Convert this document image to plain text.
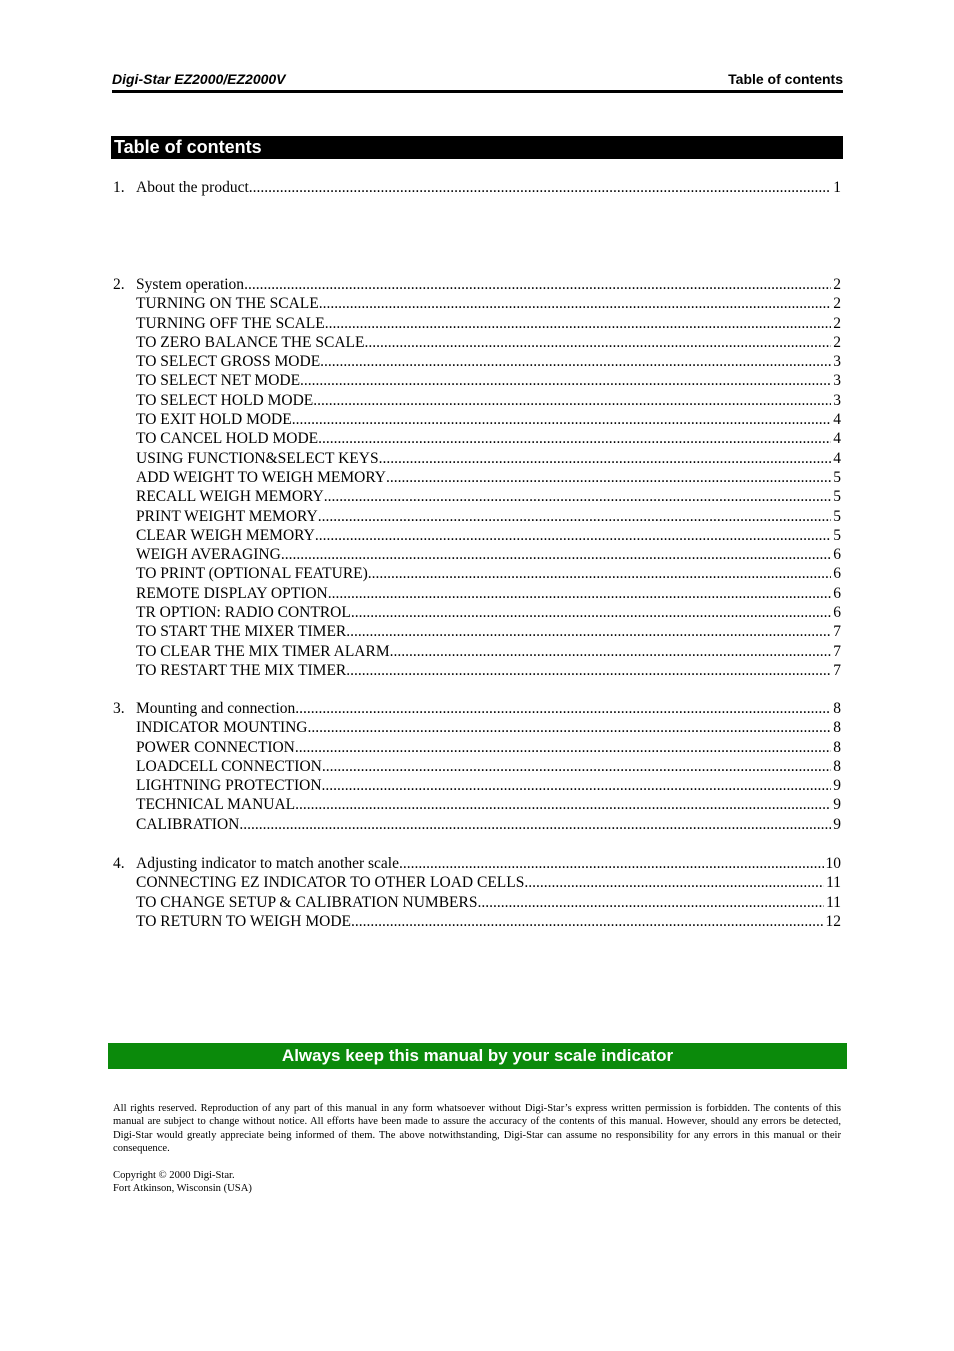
Digi-Star EZ2000/EZ2000V	Table of contents
Table of contents
1. About the product .....	1
2. System operation .....	2
TURNING ON THE SCALE .....	2
TURNING OFF THE SCALE .....	2
TO ZERO BALANCE THE SCALE .....	2
TO SELECT GROSS MODE .....	3
TO SELECT NET MODE .....	3
TO SELECT HOLD MODE .....	3
TO EXIT HOLD MODE .....	4
TO CANCEL HOLD MODE .....	4
USING FUNCTION&SELECT KEYS .....	4
ADD WEIGHT TO WEIGH MEMORY .....	5
RECALL WEIGH MEMORY .....	5
PRINT WEIGHT MEMORY .....	5
CLEAR WEIGH MEMORY .....	5
WEIGH AVERAGING .....	6
TO PRINT (OPTIONAL FEATURE) .....	6
REMOTE DISPLAY OPTION .....	6
TR OPTION: RADIO CONTROL .....	6
TO START THE MIXER TIMER .....	7
TO CLEAR THE MIX TIMER ALARM .....	7
TO RESTART THE MIX TIMER .....	7
3. Mounting and connection .....	8
INDICATOR MOUNTING .....	8
POWER CONNECTION .....	8
LOADCELL CONNECTION .....	8
LIGHTNING PROTECTION .....	9
TECHNICAL MANUAL .....	9
CALIBRATION .....	9
4. Adjusting indicator to match another scale .....	10
CONNECTING EZ INDICATOR TO OTHER LOAD CELLS .....	11
TO CHANGE SETUP & CALIBRATION NUMBERS .....	11
TO RETURN TO WEIGH MODE .....	12
Always keep this manual by your scale indicator
All rights reserved. Reproduction of any part of this manual in any form whatsoever without Digi-Star’s express written permission is forbidden. The contents of this manual are subject to change without notice. All efforts have been made to assure the accuracy of the contents of this manual. However, should any errors be detected, Digi-Star would greatly appreciate being informed of them. The above notwithstanding, Digi-Star can assume no responsibility for any errors in this manual or their consequence.
Copyright © 2000 Digi-Star.
Fort Atkinson, Wisconsin (USA)
